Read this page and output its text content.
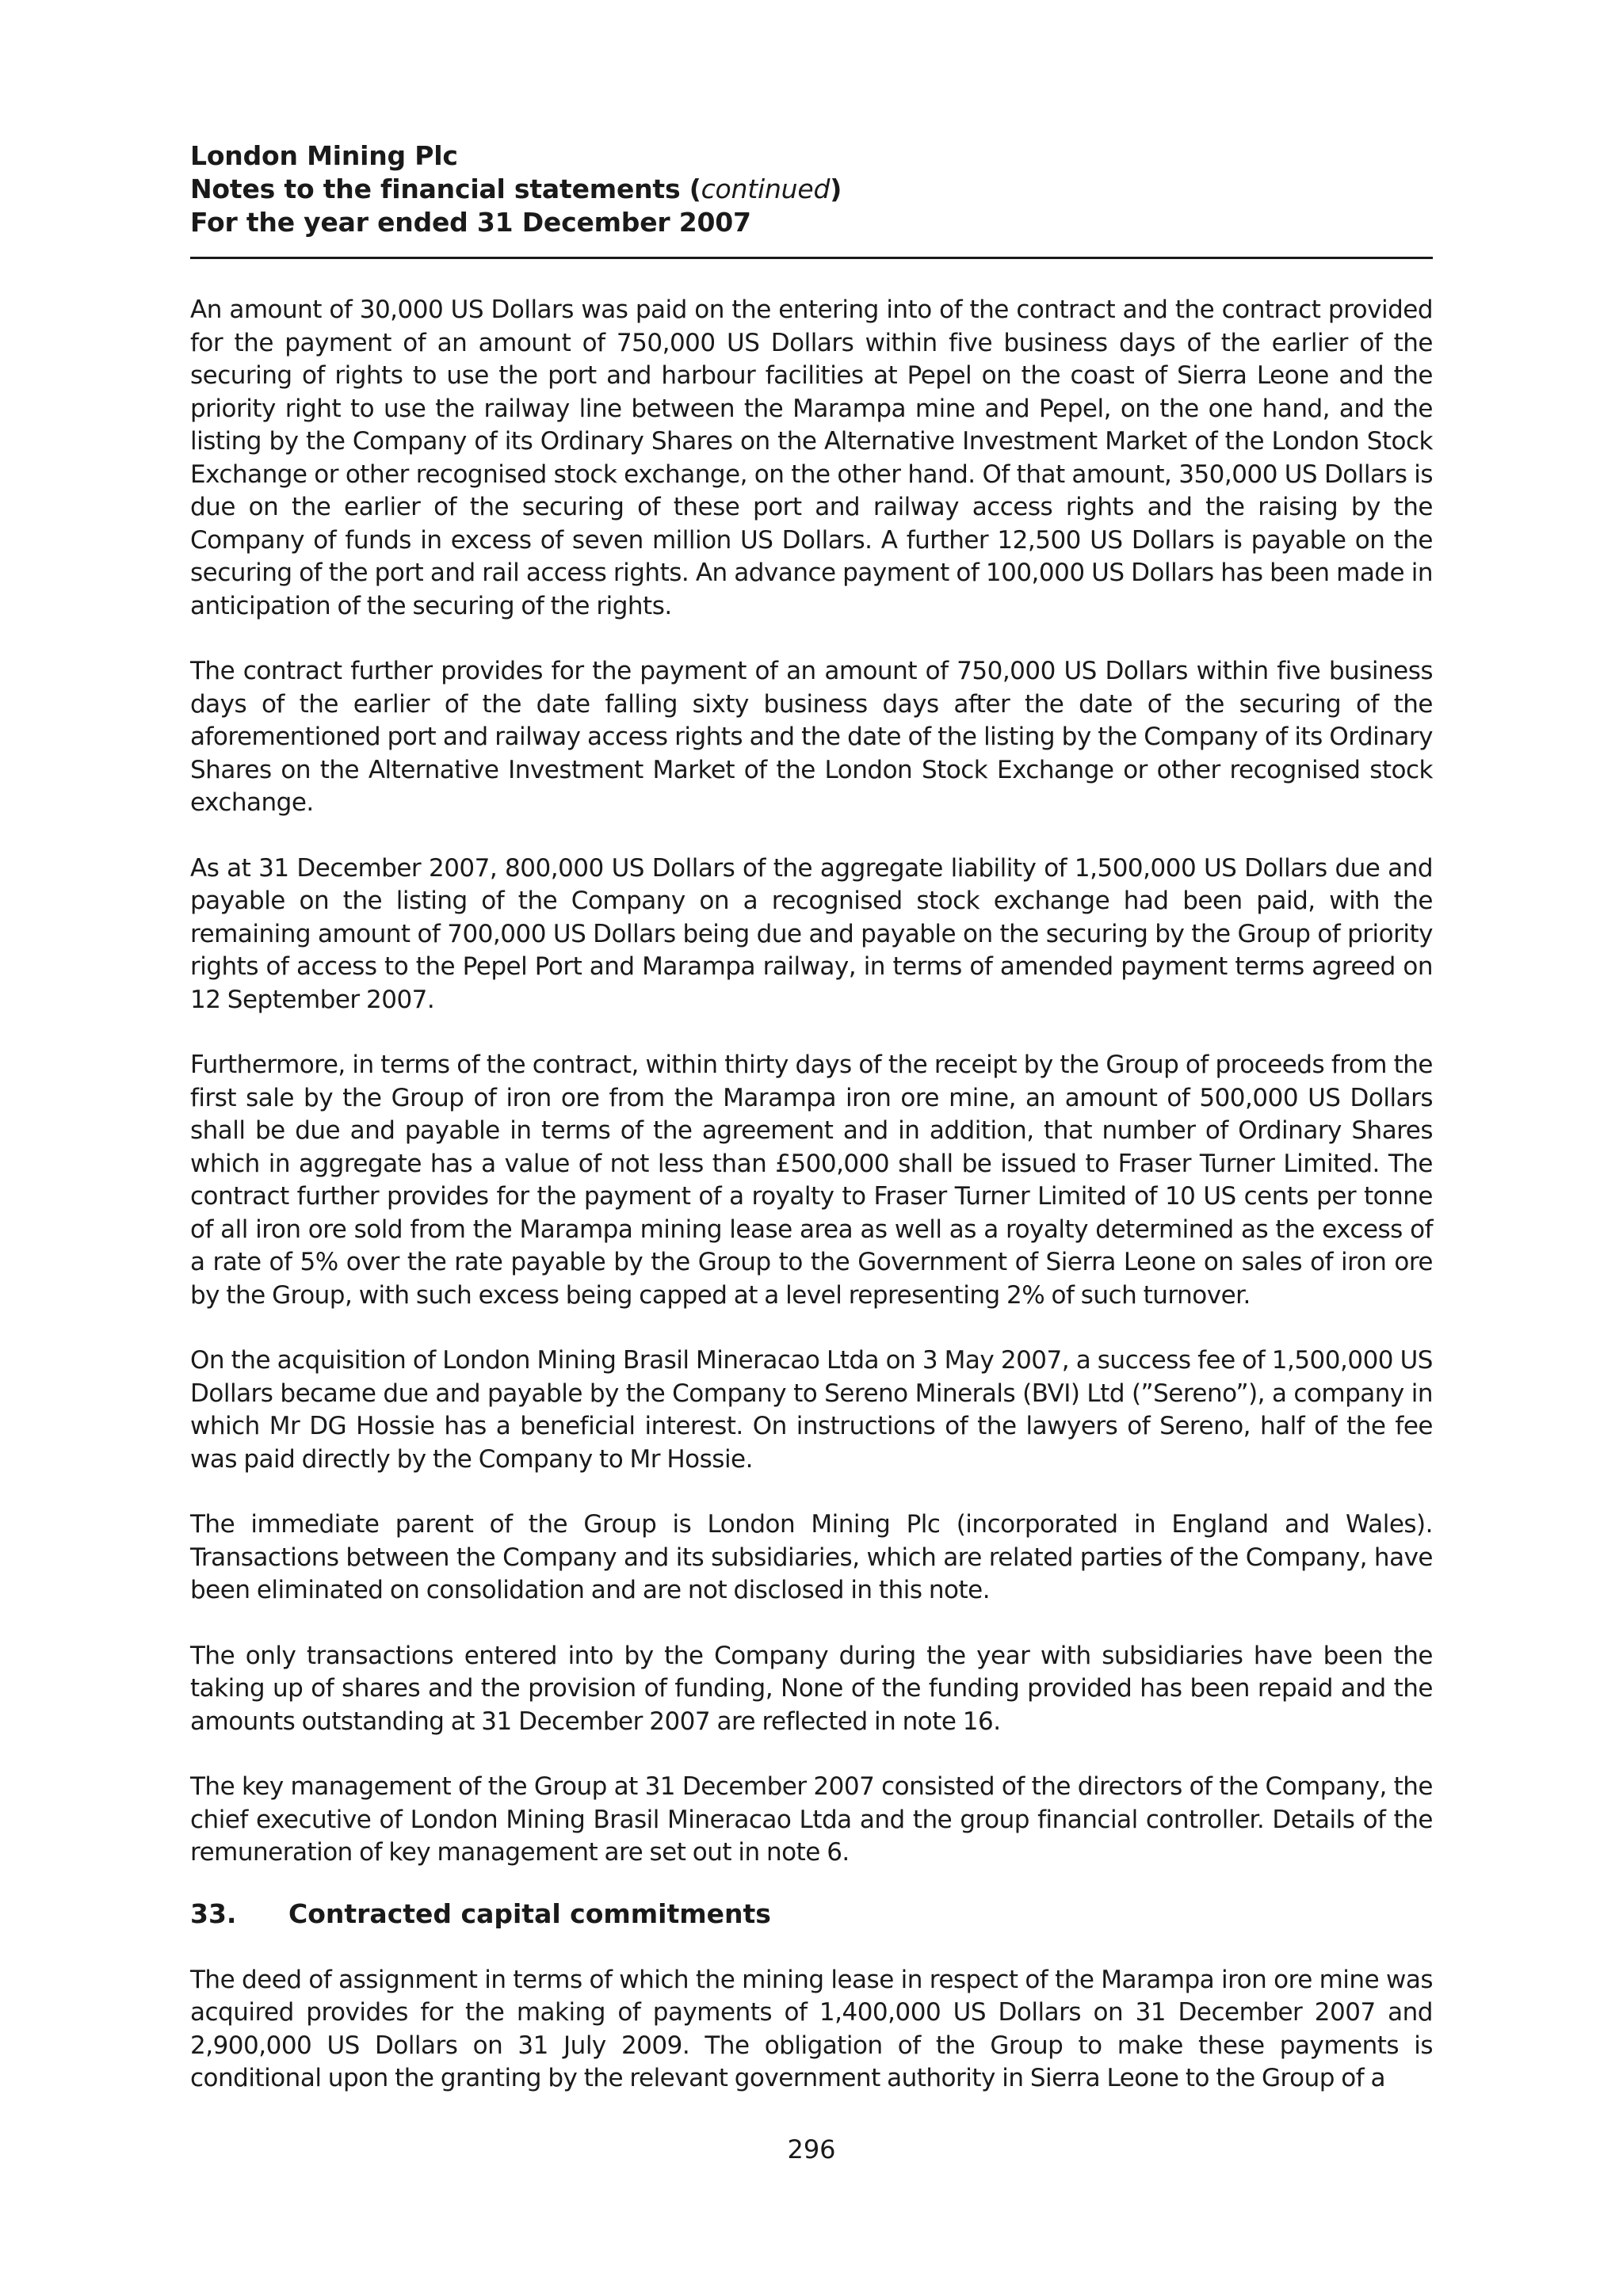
London Mining Plc
Notes to the financial statements (continued)
For the year ended 31 December 2007

An amount of 30,000 US Dollars was paid on the entering into of the contract and the contract provided for the payment of an amount of 750,000 US Dollars within five business days of the earlier of the securing of rights to use the port and harbour facilities at Pepel on the coast of Sierra Leone and the priority right to use the railway line between the Marampa mine and Pepel, on the one hand, and the listing by the Company of its Ordinary Shares on the Alternative Investment Market of the London Stock Exchange or other recognised stock exchange, on the other hand. Of that amount, 350,000 US Dollars is due on the earlier of the securing of these port and railway access rights and the raising by the Company of funds in excess of seven million US Dollars. A further 12,500 US Dollars is payable on the securing of the port and rail access rights. An advance payment of 100,000 US Dollars has been made in anticipation of the securing of the rights.

The contract further provides for the payment of an amount of 750,000 US Dollars within five business days of the earlier of the date falling sixty business days after the date of the securing of the aforementioned port and railway access rights and the date of the listing by the Company of its Ordinary Shares on the Alternative Investment Market of the London Stock Exchange or other recognised stock exchange.

As at 31 December 2007, 800,000 US Dollars of the aggregate liability of 1,500,000 US Dollars due and payable on the listing of the Company on a recognised stock exchange had been paid, with the remaining amount of 700,000 US Dollars being due and payable on the securing by the Group of priority rights of access to the Pepel Port and Marampa railway, in terms of amended payment terms agreed on 12 September 2007.

Furthermore, in terms of the contract, within thirty days of the receipt by the Group of proceeds from the first sale by the Group of iron ore from the Marampa iron ore mine, an amount of 500,000 US Dollars shall be due and payable in terms of the agreement and in addition, that number of Ordinary Shares which in aggregate has a value of not less than £500,000 shall be issued to Fraser Turner Limited. The contract further provides for the payment of a royalty to Fraser Turner Limited of 10 US cents per tonne of all iron ore sold from the Marampa mining lease area as well as a royalty determined as the excess of a rate of 5% over the rate payable by the Group to the Government of Sierra Leone on sales of iron ore by the Group, with such excess being capped at a level representing 2% of such turnover.

On the acquisition of London Mining Brasil Mineracao Ltda on 3 May 2007, a success fee of 1,500,000 US Dollars became due and payable by the Company to Sereno Minerals (BVI) Ltd (”Sereno”), a company in which Mr DG Hossie has a beneficial interest. On instructions of the lawyers of Sereno, half of the fee was paid directly by the Company to Mr Hossie.

The immediate parent of the Group is London Mining Plc (incorporated in England and Wales). Transactions between the Company and its subsidiaries, which are related parties of the Company, have been eliminated on consolidation and are not disclosed in this note.

The only transactions entered into by the Company during the year with subsidiaries have been the taking up of shares and the provision of funding, None of the funding provided has been repaid and the amounts outstanding at 31 December 2007 are reflected in note 16.

The key management of the Group at 31 December 2007 consisted of the directors of the Company, the chief executive of London Mining Brasil Mineracao Ltda and the group financial controller. Details of the remuneration of key management are set out in note 6.

33.	Contracted capital commitments

The deed of assignment in terms of which the mining lease in respect of the Marampa iron ore mine was acquired provides for the making of payments of 1,400,000 US Dollars on 31 December 2007 and 2,900,000 US Dollars on 31 July 2009. The obligation of the Group to make these payments is conditional upon the granting by the relevant government authority in Sierra Leone to the Group of a

296
